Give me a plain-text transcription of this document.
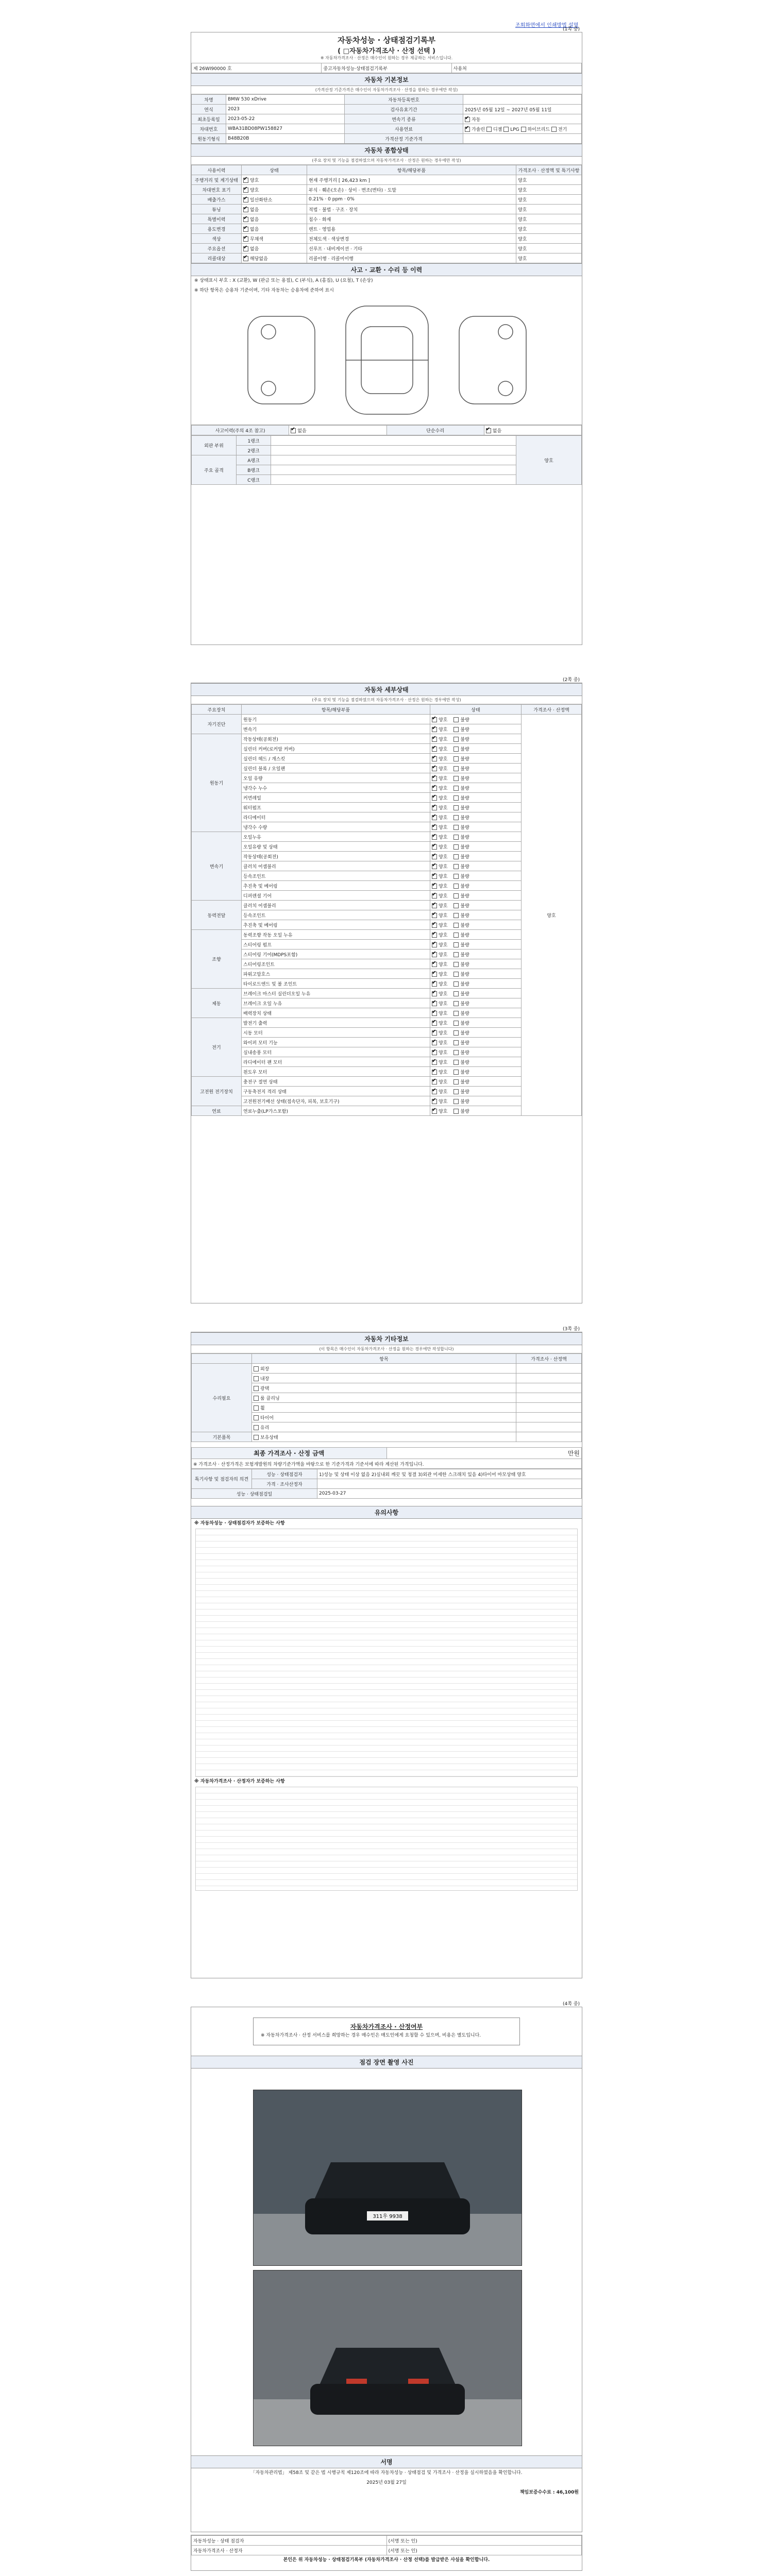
조회화면에서 인쇄방법 설명
(1쪽 중)
자동차성능 · 상태점검기록부
( □자동차가격조사 · 산정 선택 )
※ 자동차가격조사 · 산정은 매수인이 원하는 경우 제공하는 서비스입니다.
제 26WI90000 호	중고자동차성능·상태점검기록부	사용처
자동차 기본정보
(가격산정 기준가격은 매수인이 자동차가격조사 · 산정을 원하는 경우에만 작성)
차명	BMW 530 xDrive	자동차등록번호	
연식	2023	검사유효기간	2025년 05월 12일 ~ 2027년 05월 11일
최초등록일	2023-05-22	변속기 종류	✔자동
차대번호	WBA31BD08PW158827	사용연료	✔가솔린 디젤 LPG 하이브리드 전기
원동기형식	B48B20B	가격산정 기준가격	
자동차 종합상태
(주요 장치 및 기능을 점검하였으며 자동차가격조사 · 산정은 원하는 경우에만 작성)
사용이력	상태	항목/해당부품	가격조사 · 산정액 및 특기사항
주행거리 및 계기상태	✔양호	현재 주행거리 [ 26,423 km ]	양호
차대번호 표기	✔양호	부식 · 훼손(오손) · 상이 · 변조(변타) · 도말	양호
배출가스	✔일산화탄소	0.21% · 0 ppm · 0%	양호
튜닝	✔없음	적법 · 불법 · 구조 · 장치	양호
특별이력	✔없음	침수 · 화재	양호
용도변경	✔없음	렌트 · 영업용	양호
색상	✔무채색	전체도색 · 색상변경	양호
주요옵션	✔없음	선루프 · 내비게이션 · 기타	양호
리콜대상	✔해당없음	리콜이행 · 리콜미이행	양호
사고 · 교환 · 수리 등 이력
※ 상태표시 부호 : X (교환), W (판금 또는 용접), C (부식), A (흠집), U (요철), T (손상)
※ 하단 항목은 승용차 기준이며, 기타 자동차는 승용차에 준하여 표시
사고이력(주의 4조 참고)	✔없음	단순수리	✔없음
외판 부위	1랭크		양호
	2랭크		
주요 골격	A랭크		
	B랭크		
	C랭크		
(2쪽 중)
자동차 세부상태
(주요 장치 및 기능을 점검하였으며 자동차가격조사 · 산정은 원하는 경우에만 작성)
주요장치	항목/해당부품	상태	가격조사 · 산정액
자기진단	원동기	✔양호 불량	양호
	변속기	✔양호 불량
원동기	작동상태(공회전)	✔양호 불량
	실린더 커버(로커암 커버)	✔양호 불량
	실린더 헤드 / 개스킷	✔양호 불량
	실린더 블록 / 오일팬	✔양호 불량
	오일 유량	✔양호 불량
	냉각수 누수	✔양호 불량
	커먼레일	✔양호 불량
	워터펌프	✔양호 불량
	라디에이터	✔양호 불량
	냉각수 수량	✔양호 불량
변속기	오일누유	✔양호 불량
	오일유량 및 상태	✔양호 불량
	작동상태(공회전)	✔양호 불량
	클러치 어셈블리	✔양호 불량
	등속조인트	✔양호 불량
	추진축 및 베어링	✔양호 불량
	디퍼렌셜 기어	✔양호 불량
동력전달	클러치 어셈블리	✔양호 불량
	등속조인트	✔양호 불량
	추진축 및 베어링	✔양호 불량
조향	동력조향 작동 오일 누유	✔양호 불량
	스티어링 펌프	✔양호 불량
	스티어링 기어(MDPS포함)	✔양호 불량
	스티어링조인트	✔양호 불량
	파워고압호스	✔양호 불량
	타이로드엔드 및 볼 조인트	✔양호 불량
제동	브레이크 마스터 실린더오일 누유	✔양호 불량
	브레이크 오일 누유	✔양호 불량
	배력장치 상태	✔양호 불량
전기	발전기 출력	✔양호 불량
	시동 모터	✔양호 불량
	와이퍼 모터 기능	✔양호 불량
	실내송풍 모터	✔양호 불량
	라디에이터 팬 모터	✔양호 불량
	윈도우 모터	✔양호 불량
고전원 전기장치	충전구 절연 상태	✔양호 불량
	구동축전지 격리 상태	✔양호 불량
	고전원전기배선 상태(접속단자, 피복, 보호기구)	✔양호 불량
연료	연료누출(LP가스포함)	✔양호 불량
(3쪽 중)
자동차 기타정보
(이 항목은 매수인이 자동차가격조사 · 산정을 원하는 경우에만 작성합니다)
	항목	가격조사 · 산정액
수리필요	외장	
	내장	
	광택	
	룸 클리닝	
	휠	
	타이어	
	유리	
기본품목	보유상태	
최종 가격조사 · 산정 금액	만원
※ 가격조사 · 산정가격은 보험개발원의 차량기준가액을 바탕으로 한 기준가격과 기준서에 따라 계산된 가격입니다.
특기사항 및 점검자의 의견	성능 · 상태점검자	1)성능 및 상태 이상 없음 2)실내외 깨끗 및 청결 3)외관 미세한 스크래치 있음 4)타이어 마모상태 양호
	가격 · 조사산정자	
성능 · 상태점검일		2025-03-27
유의사항
※ 자동차성능 · 상태점검자가 보증하는 사항
※ 자동차가격조사 · 산정자가 보증하는 사항
(4쪽 중)
자동차가격조사 · 산정여부
※ 자동차가격조사 · 산정 서비스를 희망하는 경우 매수인은 매도인에게 요청할 수 있으며, 비용은 별도입니다.
점검 장면 촬영 사진
311우 9938
서명
「자동차관리법」 제58조 및 같은 법 시행규칙 제120조에 따라 자동차성능 · 상태점검 및 가격조사 · 산정을 실시하였음을 확인합니다.
2025년 03월 27일
책임보증수수료 : 46,100원
자동차성능 · 상태 점검자	(서명 또는 인)
자동차가격조사 · 산정자	(서명 또는 인)
본인은 위 자동차성능 · 상태점검기록부 (자동차가격조사 · 산정 선택)를 발급받은 사실을 확인합니다.
